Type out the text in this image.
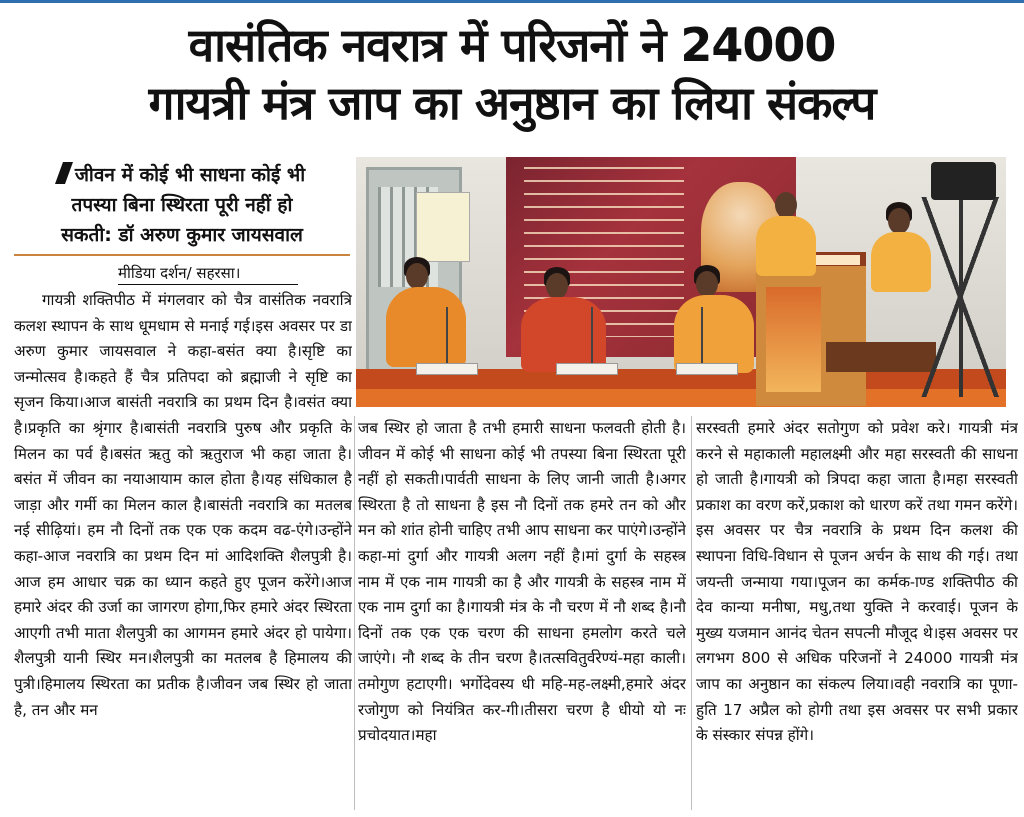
वासंतिक नवरात्र में परिजनों ने 24000
गायत्री मंत्र जाप का अनुष्ठान का लिया संकल्प
जीवन में कोई भी साधना कोई भी
तपस्या बिना स्थिरता पूरी नहीं हो
सकती: डॉ अरुण कुमार जायसवाल
मीडिया दर्शन/ सहरसा।

गायत्री शक्तिपीठ में मंगलवार को चैत्र वासंतिक नवरात्रि कलश स्थापन के साथ धूमधाम से मनाई गई।इस अवसर पर डा अरुण कुमार जायसवाल ने कहा-बसंत क्या है।सृष्टि का जन्मोत्सव है।कहते हैं चैत्र प्रतिपदा को ब्रह्माजी ने सृष्टि का सृजन किया।आज बासंती नवरात्रि का प्रथम दिन है।वसंत क्या है।प्रकृति का श्रृंगार है।बासंती नवरात्रि पुरुष और प्रकृति के मिलन का पर्व है।बसंत ऋतु को ऋतुराज भी कहा जाता है।बसंत में जीवन का नयाआयाम काल होता है।यह संधिकाल है जाड़ा और गर्मी का मिलन काल है।बासंती नवरात्रि का मतलब नई सीढ़ियां। हम नौ दिनों तक एक एक कदम वढ-एंगे।उन्होंने कहा-आज नवरात्रि का प्रथम दिन मां आदिशक्ति शैलपुत्री है।आज हम आधार चक्र का ध्यान कहते हुए पूजन करेंगे।आज हमारे अंदर की उर्जा का जागरण होगा,फिर हमारे अंदर स्थिरता आएगी तभी माता शैलपुत्री का आगमन हमारे अंदर हो पायेगा। शैलपुत्री यानी स्थिर मन।शैलपुत्री का मतलब है हिमालय की पुत्री।हिमालय स्थिरता का प्रतीक है।जीवन जब स्थिर हो जाता है, तन और मन

जब स्थिर हो जाता है तभी हमारी साधना फलवती होती है।जीवन में कोई भी साधना कोई भी तपस्या बिना स्थिरता पूरी नहीं हो सकती।पार्वती साधना के लिए जानी जाती है।अगर स्थिरता है तो साधना है इस नौ दिनों तक हमरे तन को और मन को शांत होनी चाहिए तभी आप साधना कर पाएंगे।उन्होंने कहा-मां दुर्गा और गायत्री अलग नहीं है।मां दुर्गा के सहस्त्र नाम में एक नाम गायत्री का है और गायत्री के सहस्त्र नाम में एक नाम दुर्गा का है।गायत्री मंत्र के नौ चरण में नौ शब्द है।नौ दिनों तक एक एक चरण की साधना हमलोग करते चले जाएंगे। नौ शब्द के तीन चरण है।तत्सवितुर्वरेण्यं-महा काली।तमोगुण हटाएगी। भर्गोदेवस्य धी महि-मह-लक्ष्मी,हमारे अंदर रजोगुण को नियंत्रित कर-गी।तीसरा चरण है धीयो यो नः प्रचोदयात।महा

सरस्वती हमारे अंदर सतोगुण को प्रवेश करे। गायत्री मंत्र करने से महाकाली महालक्ष्मी और महा सरस्वती की साधना हो जाती है।गायत्री को त्रिपदा कहा जाता है।महा सरस्वती प्रकाश का वरण करें,प्रकाश को धारण करें तथा गमन करेंगे।इस अवसर पर चैत्र नवरात्रि के प्रथम दिन कलश की स्थापना विधि-विधान से पूजन अर्चन के साथ की गई। तथा जयन्ती जन्माया गया।पूजन का कर्मक-ाण्ड शक्तिपीठ की देव कान्या मनीषा, मधु,तथा युक्ति ने करवाई। पूजन के मुख्य यजमान आनंद चेतन सपत्नी मौजूद थे।इस अवसर पर लगभग 800 से अधिक परिजनों ने 24000 गायत्री मंत्र जाप का अनुष्ठान का संकल्प लिया।वही नवरात्रि का पूणा-हुति 17 अप्रैल को होगी तथा इस अवसर पर सभी प्रकार के संस्कार संपन्न होंगे।
